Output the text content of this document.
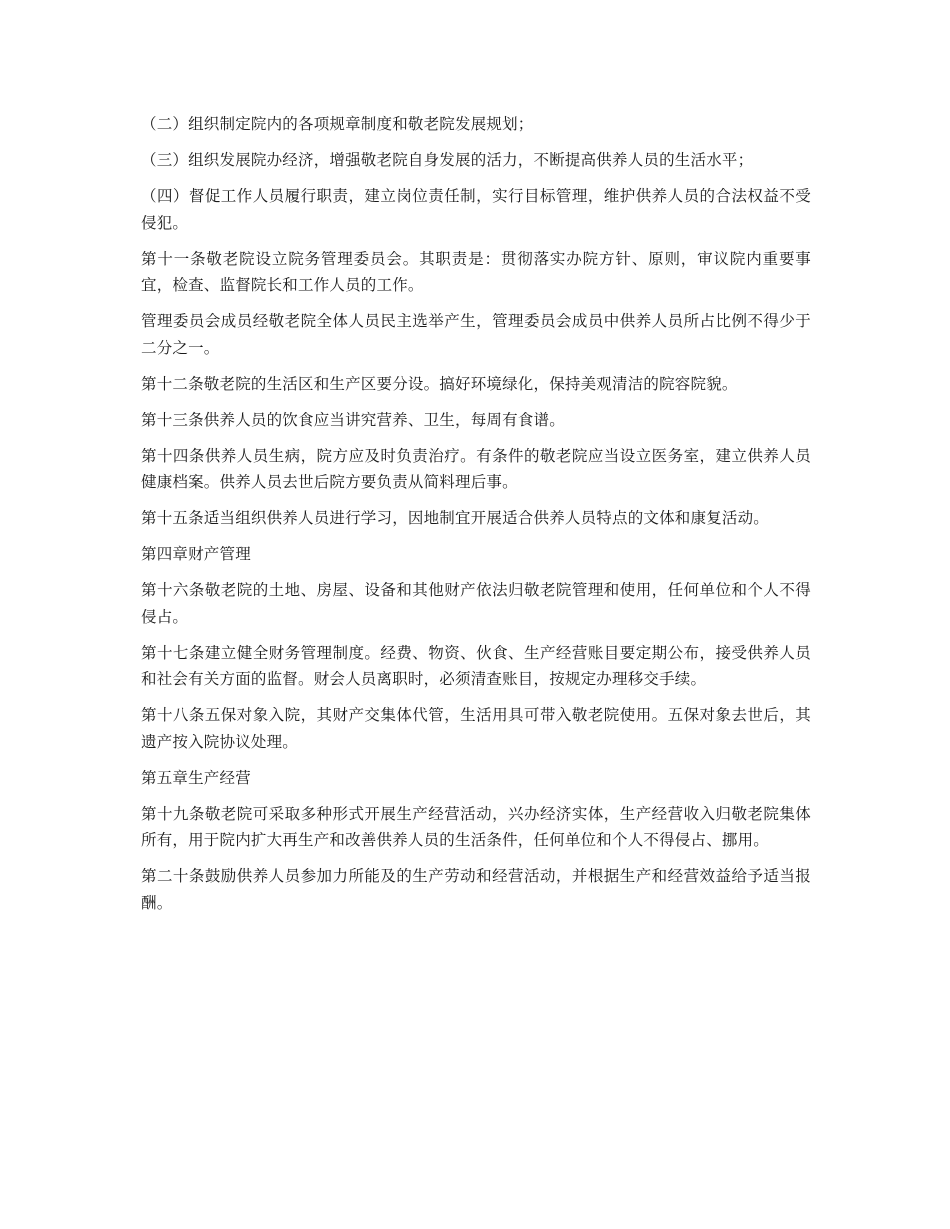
（二）组织制定院内的各项规章制度和敬老院发展规划；

（三）组织发展院办经济，增强敬老院自身发展的活力，不断提高供养人员的生活水平；

（四）督促工作人员履行职责，建立岗位责任制，实行目标管理，维护供养人员的合法权益不受侵犯。

第十一条敬老院设立院务管理委员会。其职责是：贯彻落实办院方针、原则，审议院内重要事宜，检查、监督院长和工作人员的工作。

管理委员会成员经敬老院全体人员民主选举产生，管理委员会成员中供养人员所占比例不得少于二分之一。

第十二条敬老院的生活区和生产区要分设。搞好环境绿化，保持美观清洁的院容院貌。

第十三条供养人员的饮食应当讲究营养、卫生，每周有食谱。

第十四条供养人员生病，院方应及时负责治疗。有条件的敬老院应当设立医务室，建立供养人员健康档案。供养人员去世后院方要负责从简料理后事。

第十五条适当组织供养人员进行学习，因地制宜开展适合供养人员特点的文体和康复活动。

第四章财产管理

第十六条敬老院的土地、房屋、设备和其他财产依法归敬老院管理和使用，任何单位和个人不得侵占。

第十七条建立健全财务管理制度。经费、物资、伙食、生产经营账目要定期公布，接受供养人员和社会有关方面的监督。财会人员离职时，必须清查账目，按规定办理移交手续。

第十八条五保对象入院，其财产交集体代管，生活用具可带入敬老院使用。五保对象去世后，其遗产按入院协议处理。

第五章生产经营

第十九条敬老院可采取多种形式开展生产经营活动，兴办经济实体，生产经营收入归敬老院集体所有，用于院内扩大再生产和改善供养人员的生活条件，任何单位和个人不得侵占、挪用。

第二十条鼓励供养人员参加力所能及的生产劳动和经营活动，并根据生产和经营效益给予适当报酬。
